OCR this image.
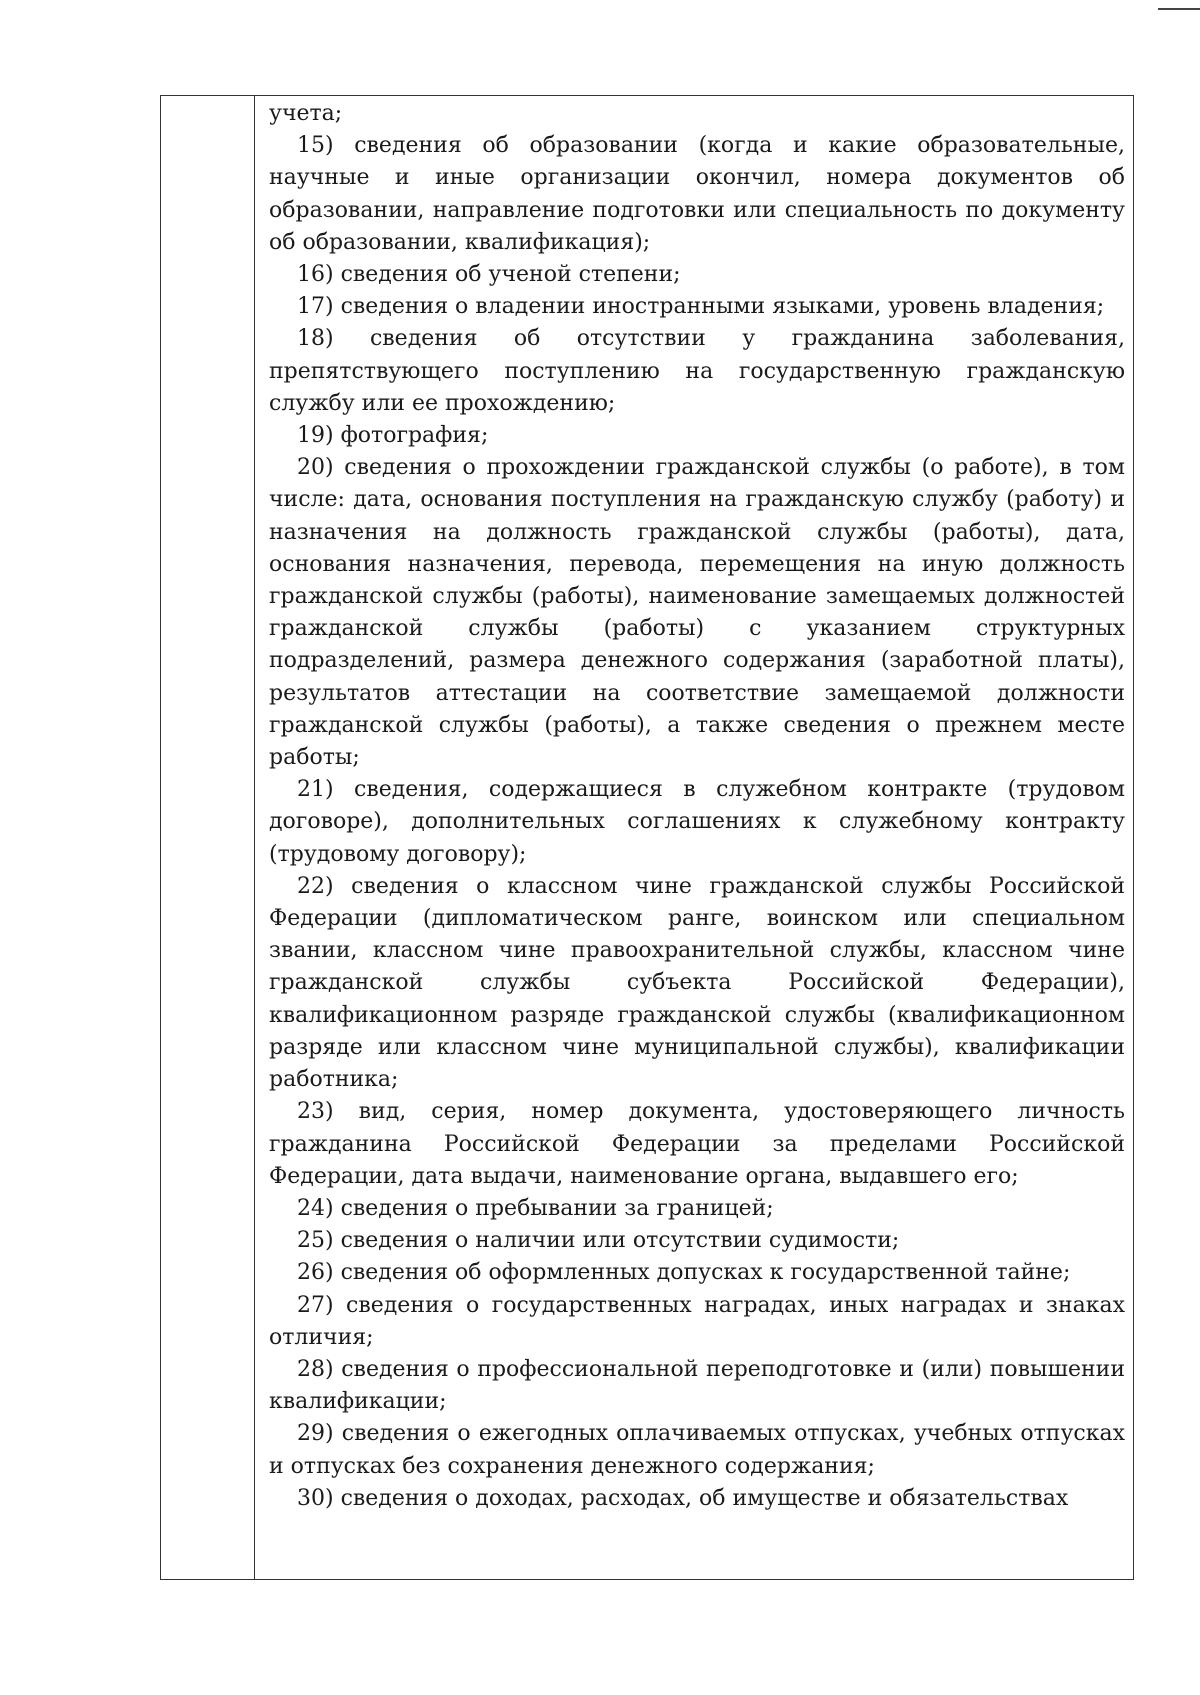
учета;

15) сведения об образовании (когда и какие образовательные, научные и иные организации окончил, номера документов об образовании, направление подготовки или специальность по документу об образовании, квалификация);

16) сведения об ученой степени;

17) сведения о владении иностранными языками, уровень владения;

18) сведения об отсутствии у гражданина заболевания, препятствующего поступлению на государственную гражданскую службу или ее прохождению;

19) фотография;

20) сведения о прохождении гражданской службы (о работе), в том числе: дата, основания поступления на гражданскую службу (работу) и назначения на должность гражданской службы (работы), дата, основания назначения, перевода, перемещения на иную должность гражданской службы (работы), наименование замещаемых должностей гражданской службы (работы) с указанием структурных подразделений, размера денежного содержания (заработной платы), результатов аттестации на соответствие замещаемой должности гражданской службы (работы), а также сведения о прежнем месте работы;

21) сведения, содержащиеся в служебном контракте (трудовом договоре), дополнительных соглашениях к служебному контракту (трудовому договору);

22) сведения о классном чине гражданской службы Российской Федерации (дипломатическом ранге, воинском или специальном звании, классном чине правоохранительной службы, классном чине гражданской службы субъекта Российской Федерации), квалификационном разряде гражданской службы (квалификационном разряде или классном чине муниципальной службы), квалификации работника;

23) вид, серия, номер документа, удостоверяющего личность гражданина Российской Федерации за пределами Российской Федерации, дата выдачи, наименование органа, выдавшего его;

24) сведения о пребывании за границей;

25) сведения о наличии или отсутствии судимости;

26) сведения об оформленных допусках к государственной тайне;

27) сведения о государственных наградах, иных наградах и знаках отличия;

28) сведения о профессиональной переподготовке и (или) повышении квалификации;

29) сведения о ежегодных оплачиваемых отпусках, учебных отпусках и отпусках без сохранения денежного содержания;

30) сведения о доходах, расходах, об имуществе и обязательствах
